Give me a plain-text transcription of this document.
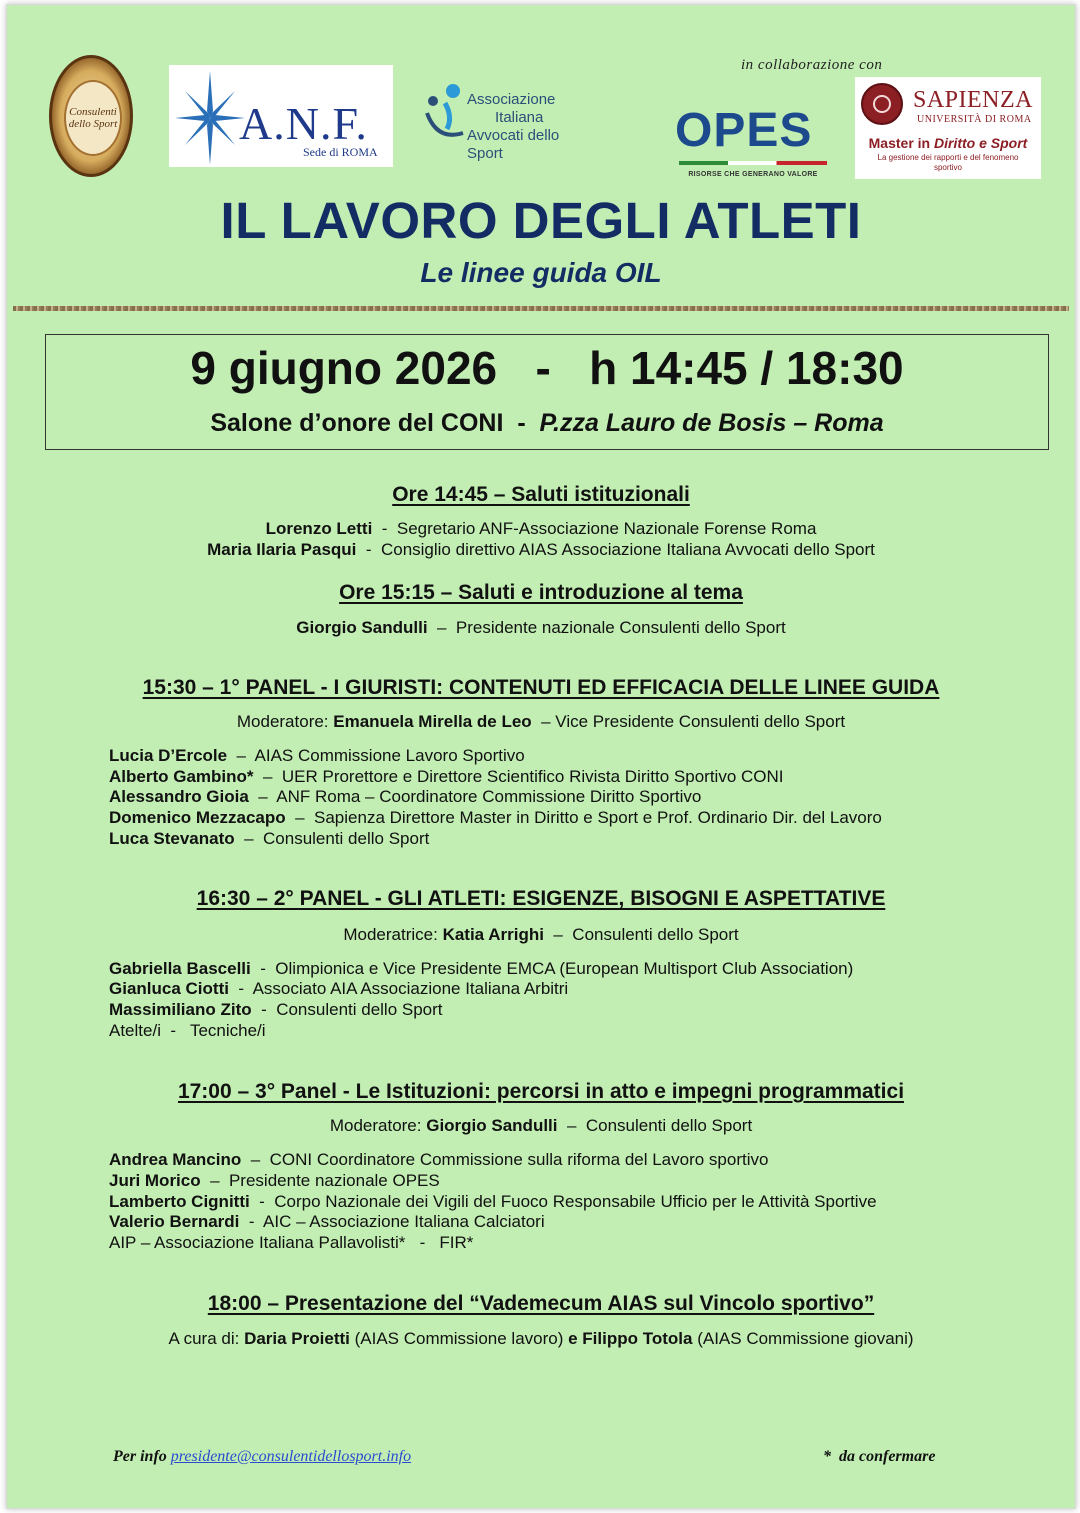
Consulenti dello Sport	A.N.F.
Sede di ROMA
Associazione
Italiana
Avvocati dello Sport
in collaborazione con
OPES
RISORSE CHE GENERANO VALORE
SAPIENZA
UNIVERSITÀ DI ROMA
Master in Diritto e Sport
La gestione dei rapporti e del fenomeno sportivo
IL LAVORO DEGLI ATLETI
Le linee guida OIL
9 giugno 2026   -   h 14:45 / 18:30
Salone d’onore del CONI  -  P.zza Lauro de Bosis – Roma
Ore 14:45 – Saluti istituzionali
Lorenzo Letti  -  Segretario ANF-Associazione Nazionale Forense Roma
Maria Ilaria Pasqui  -  Consiglio direttivo AIAS Associazione Italiana Avvocati dello Sport
Ore 15:15 – Saluti e introduzione al tema
Giorgio Sandulli  –  Presidente nazionale Consulenti dello Sport
15:30 – 1° PANEL - I GIURISTI: CONTENUTI ED EFFICACIA DELLE LINEE GUIDA
Moderatore: Emanuela Mirella de Leo  – Vice Presidente Consulenti dello Sport
Lucia D’Ercole  –  AIAS Commissione Lavoro Sportivo
Alberto Gambino*  –  UER Prorettore e Direttore Scientifico Rivista Diritto Sportivo CONI
Alessandro Gioia  –  ANF Roma – Coordinatore Commissione Diritto Sportivo
Domenico Mezzacapo  –  Sapienza Direttore Master in Diritto e Sport e Prof. Ordinario Dir. del Lavoro
Luca Stevanato  –  Consulenti dello Sport
16:30 – 2° PANEL - GLI ATLETI: ESIGENZE, BISOGNI E ASPETTATIVE
Moderatrice: Katia Arrighi  –  Consulenti dello Sport
Gabriella Bascelli  -  Olimpionica e Vice Presidente EMCA (European Multisport Club Association)
Gianluca Ciotti  -  Associato AIA Associazione Italiana Arbitri
Massimiliano Zito  -  Consulenti dello Sport
Atelte/i  -   Tecniche/i
17:00 – 3° Panel - Le Istituzioni: percorsi in atto e impegni programmatici
Moderatore: Giorgio Sandulli  –  Consulenti dello Sport
Andrea Mancino  –  CONI Coordinatore Commissione sulla riforma del Lavoro sportivo
Juri Morico  –  Presidente nazionale OPES
Lamberto Cignitti  -  Corpo Nazionale dei Vigili del Fuoco Responsabile Ufficio per le Attività Sportive
Valerio Bernardi  -  AIC – Associazione Italiana Calciatori
AIP – Associazione Italiana Pallavolisti*   -   FIR*
18:00 – Presentazione del “Vademecum AIAS sul Vincolo sportivo”
A cura di: Daria Proietti (AIAS Commissione lavoro) e Filippo Totola (AIAS Commissione giovani)
Per info presidente@consulentidellosport.info	*  da confermare
